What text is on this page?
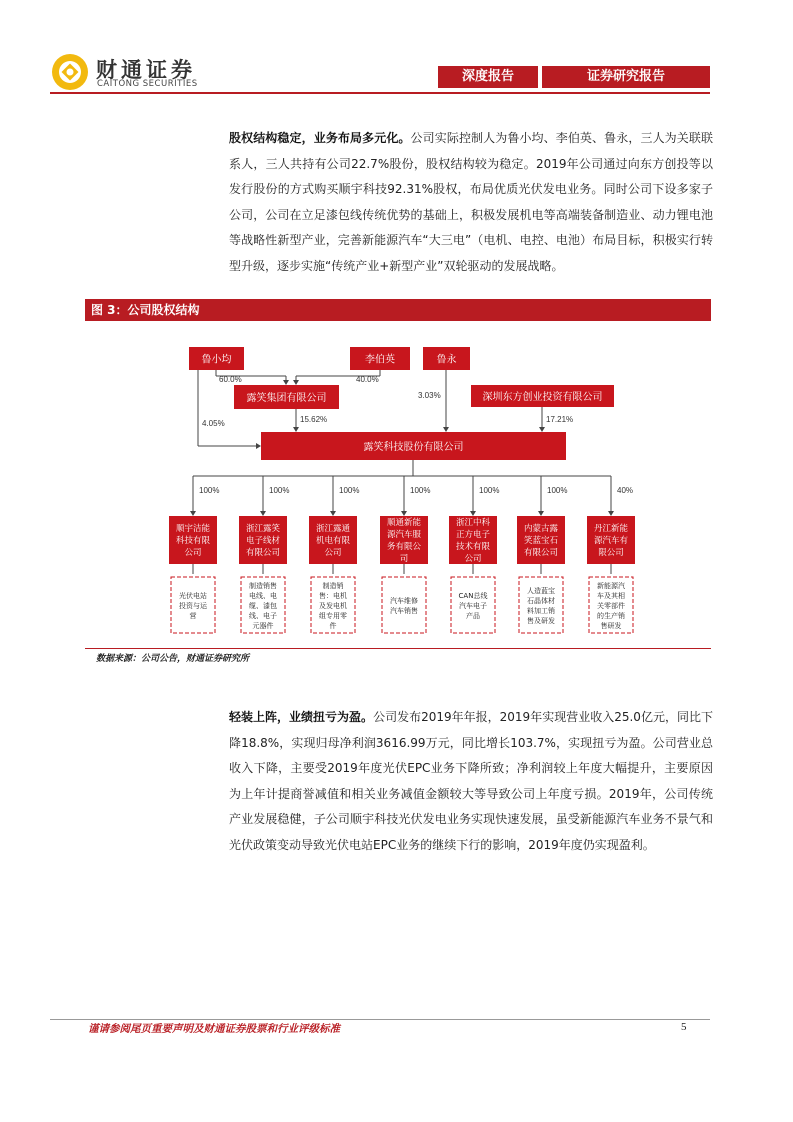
财通证券
CAITONG SECURITIES	深度报告	证券研究报告

股权结构稳定，业务布局多元化。公司实际控制人为鲁小均、李伯英、鲁永，三人为关联联系人，三人共持有公司22.7%股份，股权结构较为稳定。2019年公司通过向东方创投等以发行股份的方式购买顺宇科技92.31%股权，布局优质光伏发电业务。同时公司下设多家子公司，公司在立足漆包线传统优势的基础上，积极发展机电等高端装备制造业、动力锂电池等战略性新型产业，完善新能源汽车“大三电”（电机、电控、电池）布局目标，积极实行转型升级，逐步实施“传统产业+新型产业”双轮驱动的发展战略。

图 3：公司股权结构
鲁小均	李伯英	鲁永
深圳东方创业投资有限公司
露笑集团有限公司
露笑科技股份有限公司
60.0%	40.0%
4.05%	15.62%
3.03%
17.21%
100%
顺宇洁能
科技有限
公司
光伏电站
投资与运
营
100%
浙江露笑
电子线材
有限公司
制造销售
电线、电
缆、漆包
线、电子
元器件
100%
浙江露通
机电有限
公司
制造销
售：电机
及发电机
组专用零
件
100%
顺通新能
源汽车服
务有限公
司
汽车维修
汽车销售
100%
浙江中科
正方电子
技术有限
公司
CAN总线
汽车电子
产品
100%
内蒙古露
笑蓝宝石
有限公司
人造蓝宝
石晶体材
料加工销
售及研发
40%
丹江新能
源汽车有
限公司
新能源汽
车及其相
关零部件
的生产销
售研发
数据来源：公司公告，财通证券研究所

轻装上阵，业绩扭亏为盈。公司发布2019年年报，2019年实现营业收入25.0亿元，同比下降18.8%，实现归母净利润3616.99万元，同比增长103.7%，实现扭亏为盈。公司营业总收入下降，主要受2019年度光伏EPC业务下降所致；净利润较上年度大幅提升，主要原因为上年计提商誉减值和相关业务减值金额较大等导致公司上年度亏损。2019年，公司传统产业发展稳健，子公司顺宇科技光伏发电业务实现快速发展，虽受新能源汽车业务不景气和光伏政策变动导致光伏电站EPC业务的继续下行的影响，2019年度仍实现盈利。

谨请参阅尾页重要声明及财通证券股票和行业评级标准	5
